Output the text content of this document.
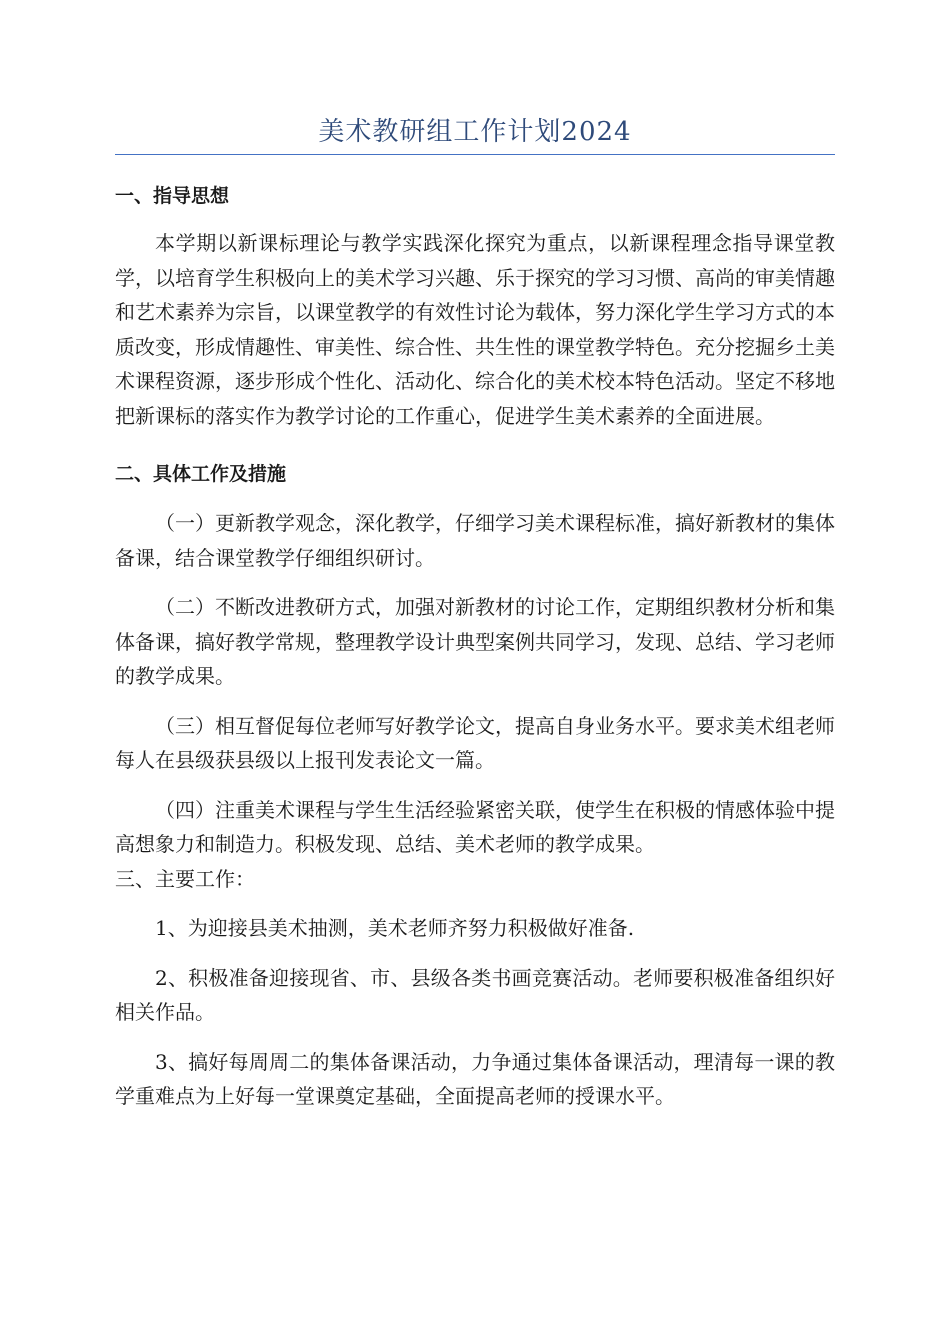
美术教研组工作计划2024

一、指导思想

本学期以新课标理论与教学实践深化探究为重点，以新课程理念指导课堂教学，以培育学生积极向上的美术学习兴趣、乐于探究的学习习惯、高尚的审美情趣和艺术素养为宗旨，以课堂教学的有效性讨论为载体，努力深化学生学习方式的本质改变，形成情趣性、审美性、综合性、共生性的课堂教学特色。充分挖掘乡土美术课程资源，逐步形成个性化、活动化、综合化的美术校本特色活动。坚定不移地把新课标的落实作为教学讨论的工作重心，促进学生美术素养的全面进展。

二、具体工作及措施

（一）更新教学观念，深化教学，仔细学习美术课程标准，搞好新教材的集体备课，结合课堂教学仔细组织研讨。

（二）不断改进教研方式，加强对新教材的讨论工作，定期组织教材分析和集体备课，搞好教学常规，整理教学设计典型案例共同学习，发现、总结、学习老师的教学成果。

（三）相互督促每位老师写好教学论文，提高自身业务水平。要求美术组老师每人在县级获县级以上报刊发表论文一篇。

（四）注重美术课程与学生生活经验紧密关联，使学生在积极的情感体验中提高想象力和制造力。积极发现、总结、美术老师的教学成果。

三、主要工作：

1、为迎接县美术抽测，美术老师齐努力积极做好准备.

2、积极准备迎接现省、市、县级各类书画竞赛活动。老师要积极准备组织好相关作品。

3、搞好每周周二的集体备课活动，力争通过集体备课活动，理清每一课的教学重难点为上好每一堂课奠定基础，全面提高老师的授课水平。
